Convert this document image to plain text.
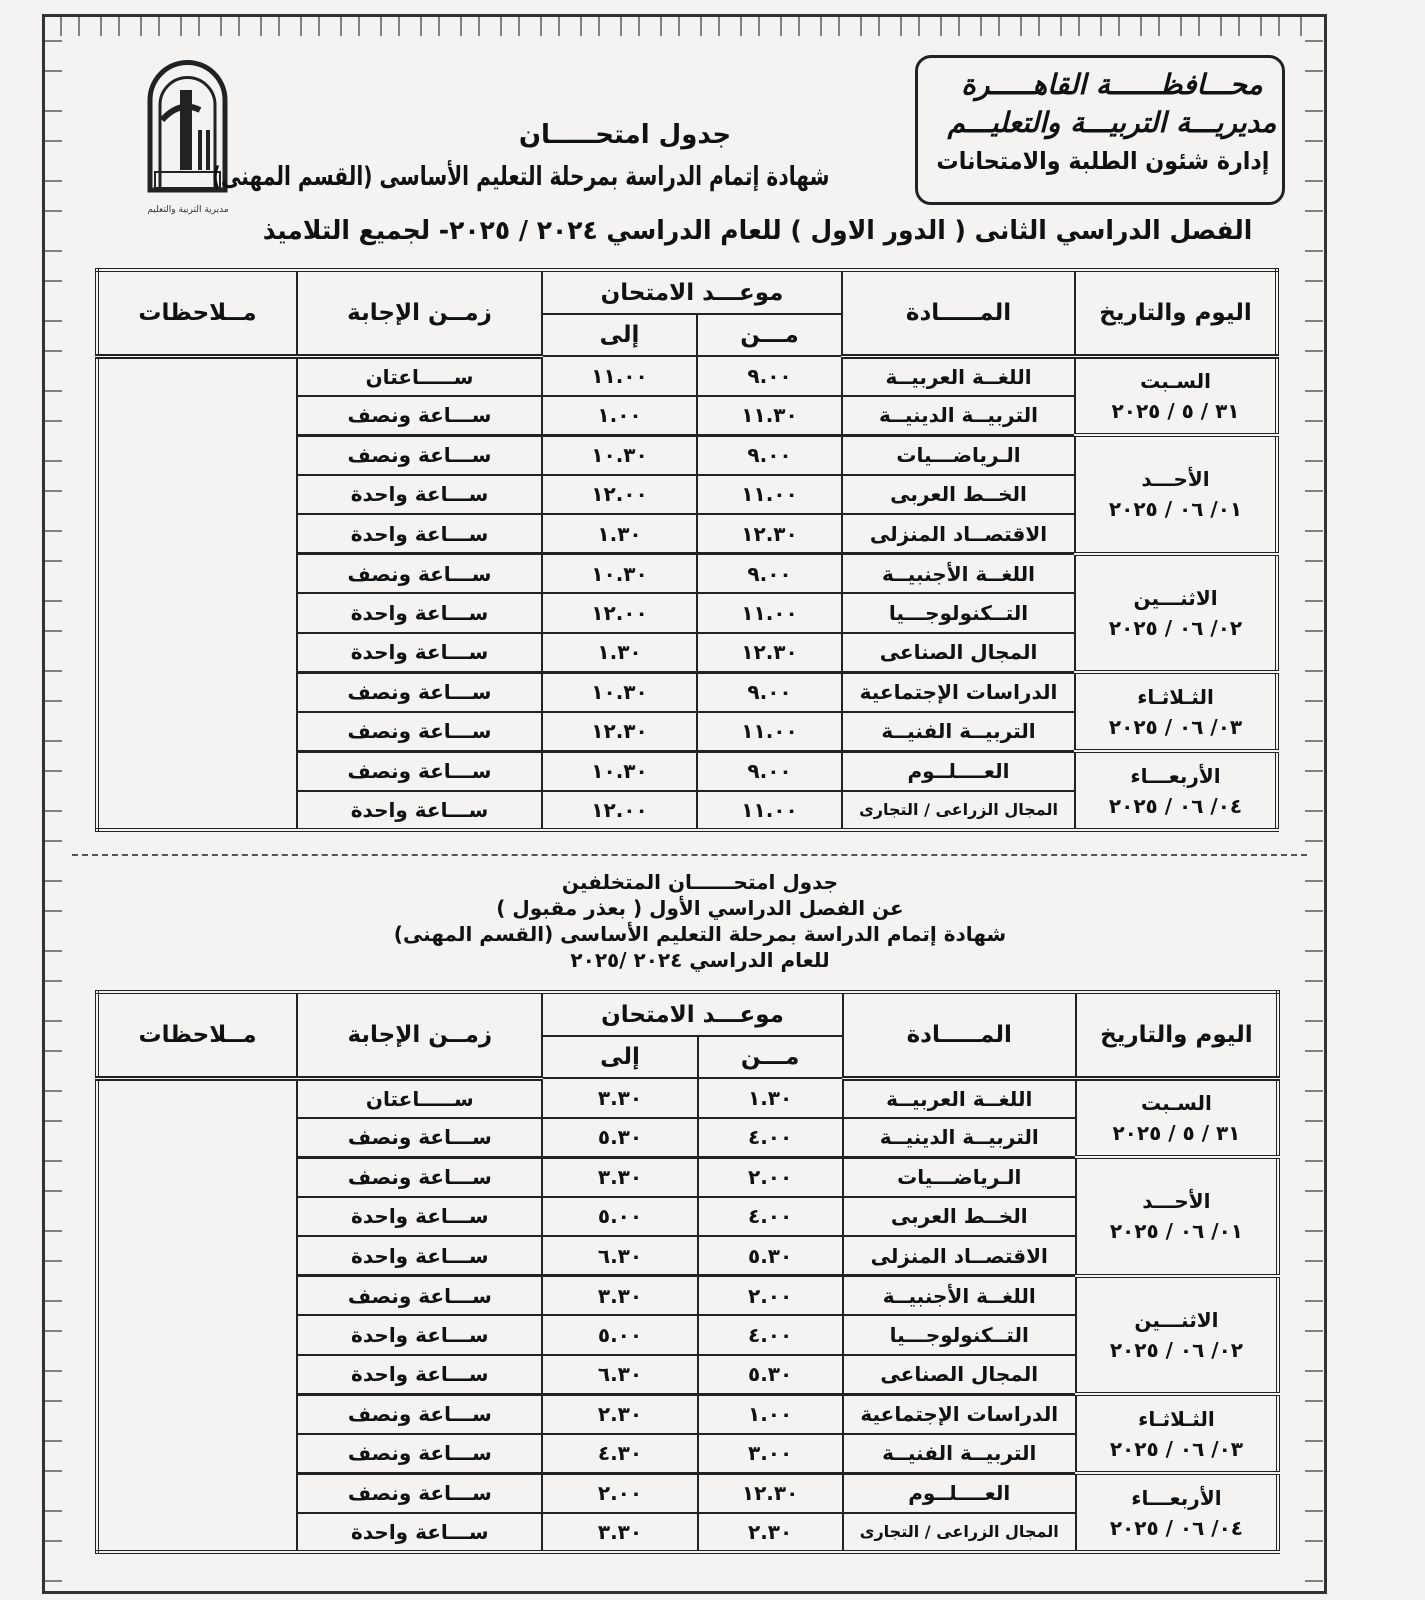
محـــافظــــــة القاهـــــرة
مديريـــة التربيـــة والتعليـــم
إدارة شئون الطلبة والامتحانات
مديرية التربية والتعليم
جدول امتحـــــان
شهادة إتمام الدراسة بمرحلة التعليم الأساسى (القسم المهنى)
الفصل الدراسي الثانى ( الدور الاول ) للعام الدراسي ٢٠٢٤ / ٢٠٢٥- لجميع التلاميذ
اليوم والتاريخ	المـــــادة	موعـــد الامتحان		زمــن الإجابة	مــلاحظات
		مـــن	إلى		

السـبت
٣١ / ٥ / ٢٠٢٥	اللغــة العربيــة	٩.٠٠	١١.٠٠	ســـــاعتان	
	التربيــة الدينيــة	١١.٣٠	١.٠٠	ســـاعة ونصف	

الأحـــد
٠١/ ٠٦ / ٢٠٢٥	الـرياضـــيات	٩.٠٠	١٠.٣٠	ســـاعة ونصف	
	الخــط العربى	١١.٠٠	١٢.٠٠	ســـاعة واحدة	
	الاقتصــاد المنزلى	١٢.٣٠	١.٣٠	ســـاعة واحدة	

الاثنـــين
٠٢/ ٠٦ / ٢٠٢٥	اللغــة الأجنبيــة	٩.٠٠	١٠.٣٠	ســـاعة ونصف	
	التــكنولوجـــيا	١١.٠٠	١٢.٠٠	ســـاعة واحدة	
	المجال الصناعى	١٢.٣٠	١.٣٠	ســـاعة واحدة	

الثـلاثـاء
٠٣/ ٠٦ / ٢٠٢٥	الدراسات الإجتماعية	٩.٠٠	١٠.٣٠	ســـاعة ونصف	
	التربيــة الفنيــة	١١.٠٠	١٢.٣٠	ســـاعة ونصف	

الأربعـــاء
٠٤/ ٠٦ / ٢٠٢٥	العــــلــوم	٩.٠٠	١٠.٣٠	ســـاعة ونصف	
	المجال الزراعى / التجارى	١١.٠٠	١٢.٠٠	ســـاعة واحدة	
جدول امتحــــــان المتخلفين
عن الفصل الدراسي الأول ( بعذر مقبول )
شهادة إتمام الدراسة بمرحلة التعليم الأساسى (القسم المهنى)
للعام الدراسي ٢٠٢٤ /٢٠٢٥
اليوم والتاريخ	المـــــادة	موعـــد الامتحان		زمــن الإجابة	مــلاحظات
		مـــن	إلى		

السـبت
٣١ / ٥ / ٢٠٢٥	اللغــة العربيــة	١.٣٠	٣.٣٠	ســـــاعتان	
	التربيــة الدينيــة	٤.٠٠	٥.٣٠	ســـاعة ونصف	

الأحـــد
٠١/ ٠٦ / ٢٠٢٥	الـرياضـــيات	٢.٠٠	٣.٣٠	ســـاعة ونصف	
	الخــط العربى	٤.٠٠	٥.٠٠	ســـاعة واحدة	
	الاقتصــاد المنزلى	٥.٣٠	٦.٣٠	ســـاعة واحدة	

الاثنـــين
٠٢/ ٠٦ / ٢٠٢٥	اللغــة الأجنبيــة	٢.٠٠	٣.٣٠	ســـاعة ونصف	
	التــكنولوجـــيا	٤.٠٠	٥.٠٠	ســـاعة واحدة	
	المجال الصناعى	٥.٣٠	٦.٣٠	ســـاعة واحدة	

الثـلاثـاء
٠٣/ ٠٦ / ٢٠٢٥	الدراسات الإجتماعية	١.٠٠	٢.٣٠	ســـاعة ونصف	
	التربيــة الفنيــة	٣.٠٠	٤.٣٠	ســـاعة ونصف	

الأربعـــاء
٠٤/ ٠٦ / ٢٠٢٥	العــــلــوم	١٢.٣٠	٢.٠٠	ســـاعة ونصف	
	المجال الزراعى / التجارى	٢.٣٠	٣.٣٠	ســـاعة واحدة	
